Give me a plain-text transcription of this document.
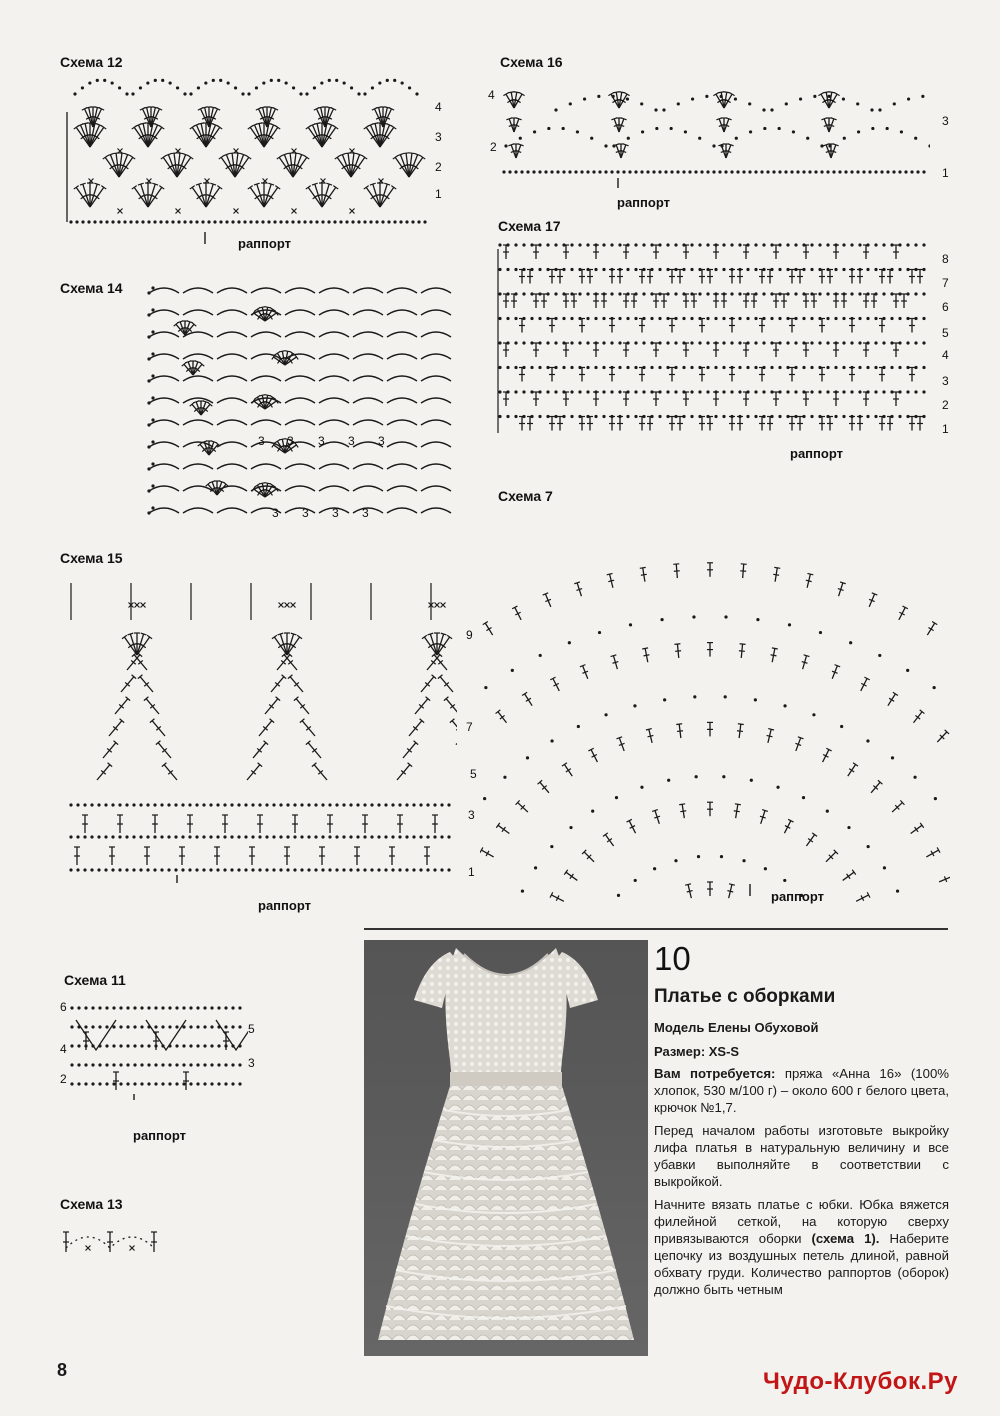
Схема 12
4
3
2
1
раппорт
Схема 16
4
2
3
1
раппорт
Схема 17
8
7
6
5
4
3
2
1
раппорт
Схема 14
3 3 3 3 3
3 3 3 3
Схема 15
9
7
5
3
1
раппорт
Схема 7
раппорт
Схема 11
6
4
2
5
3
раппорт
Схема 13
10
Платье с оборками
Модель Елены Обуховой
Размер: XS-S

Вам потребуется: пряжа «Анна 16» (100% хлопок, 530 м/100 г) – около 600 г белого цвета, крючок №1,7.

Перед началом работы изготовьте выкройку лифа платья в натуральную величину и все убавки выполняйте в соответствии с выкройкой.

Начните вязать платье с юбки. Юбка вяжется филейной сеткой, на которую сверху привязываются оборки (схема 1). Наберите цепочку из воздушных петель длиной, равной обхвату груди. Количество раппортов (оборок) должно быть четным

8	Чудо-Клубок.Ру
